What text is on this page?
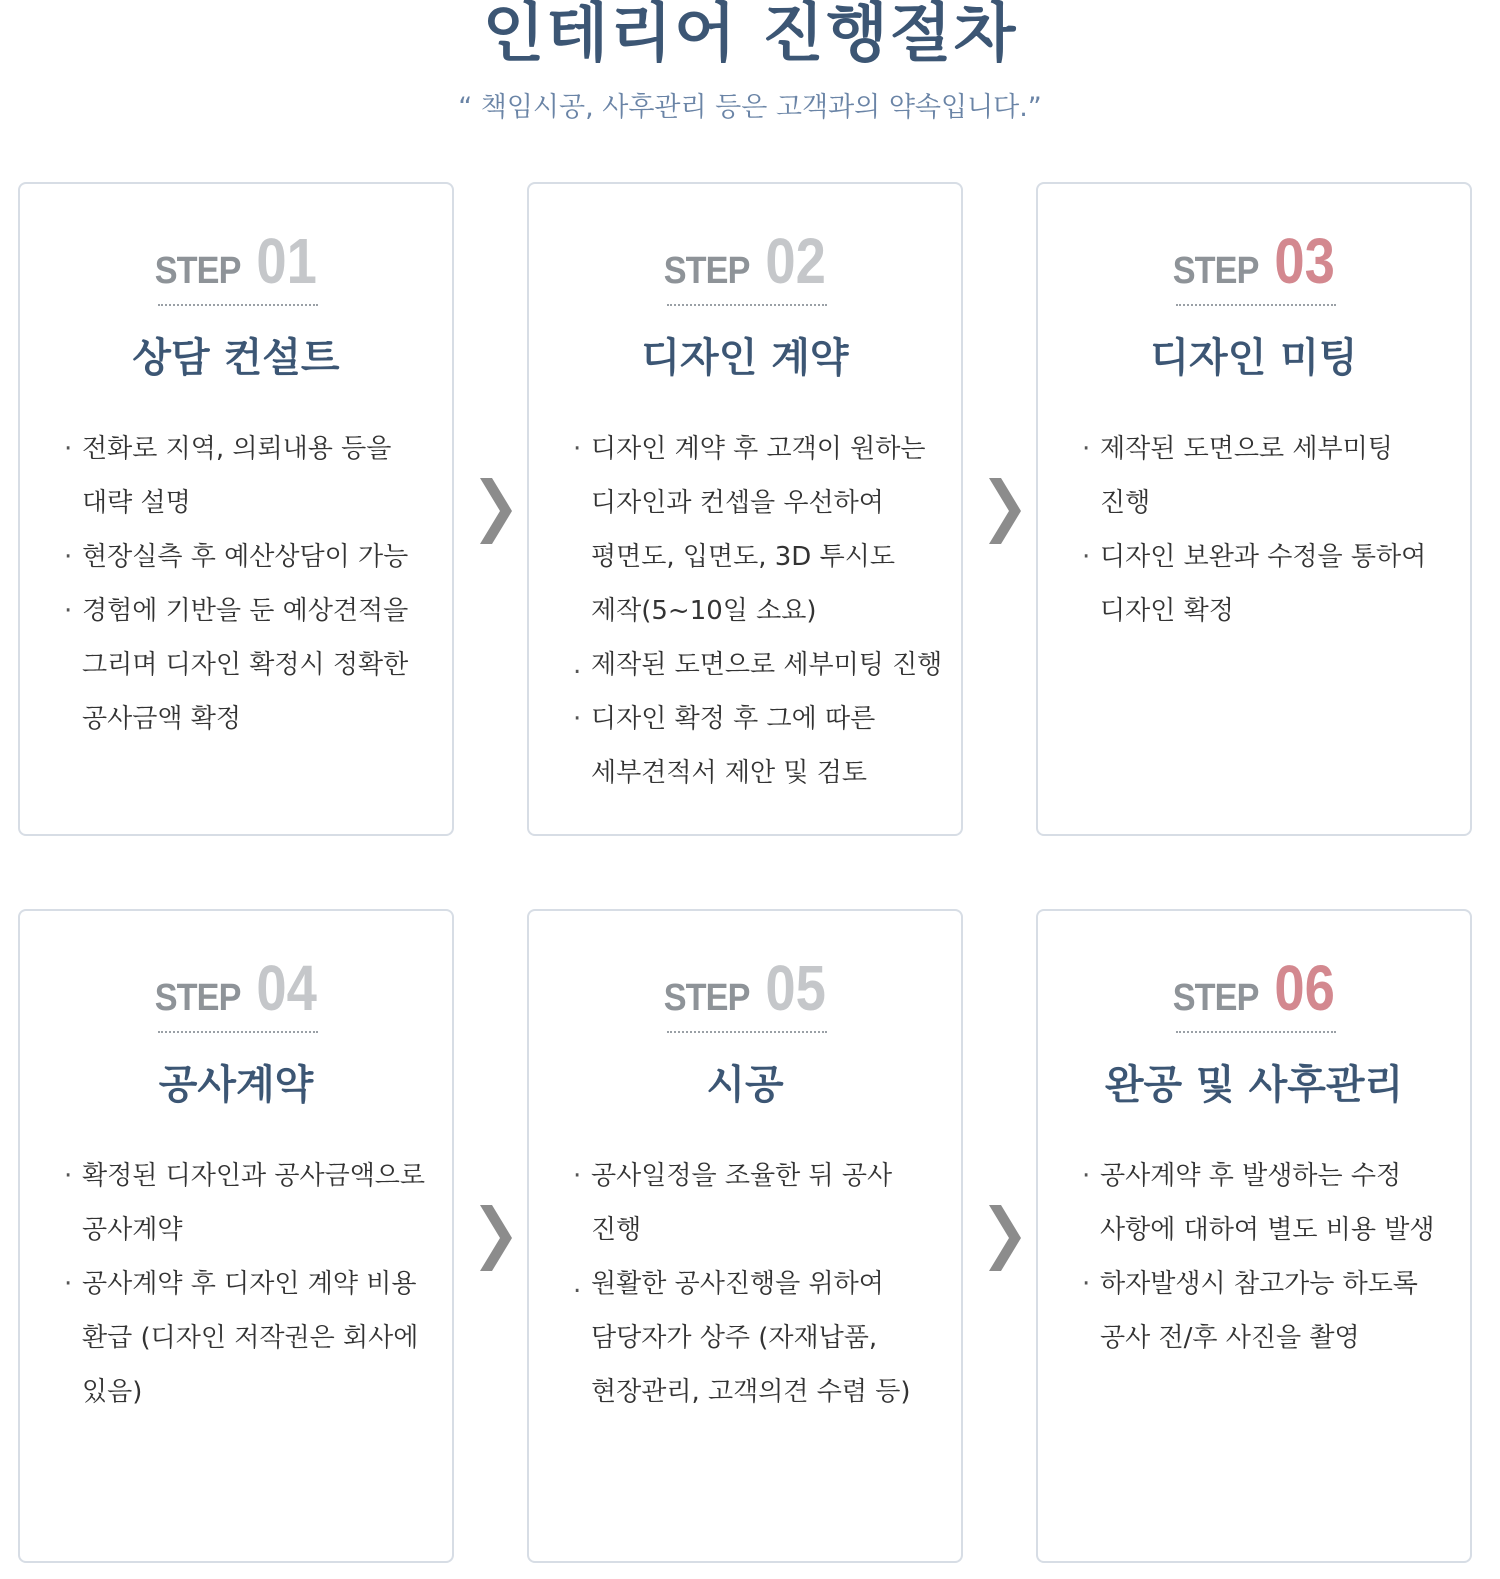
인테리어 진행절차
“ 책임시공, 사후관리 등은 고객과의 약속입니다.”
STEP 01
상담 컨설트
· 전화로 지역, 의뢰내용 등을
대략 설명
· 현장실측 후 예산상담이 가능
· 경험에 기반을 둔 예상견적을
그리며 디자인 확정시 정확한
공사금액 확정
STEP 02
디자인 계약
· 디자인 계약 후 고객이 원하는
디자인과 컨셉을 우선하여
평면도, 입면도, 3D 투시도
제작(5~10일 소요)
. 제작된 도면으로 세부미팅 진행
· 디자인 확정 후 그에 따른
세부견적서 제안 및 검토
STEP 03
디자인 미팅
· 제작된 도면으로 세부미팅
진행
· 디자인 보완과 수정을 통하여
디자인 확정
STEP 04
공사계약
· 확정된 디자인과 공사금액으로
공사계약
· 공사계약 후 디자인 계약 비용
환급 (디자인 저작권은 회사에
있음)
STEP 05
시공
· 공사일정을 조율한 뒤 공사
진행
. 원활한 공사진행을 위하여
담당자가 상주 (자재납품,
현장관리, 고객의견 수렴 등)
STEP 06
완공 및 사후관리
· 공사계약 후 발생하는 수정
사항에 대하여 별도 비용 발생
· 하자발생시 참고가능 하도록
공사 전/후 사진을 촬영
